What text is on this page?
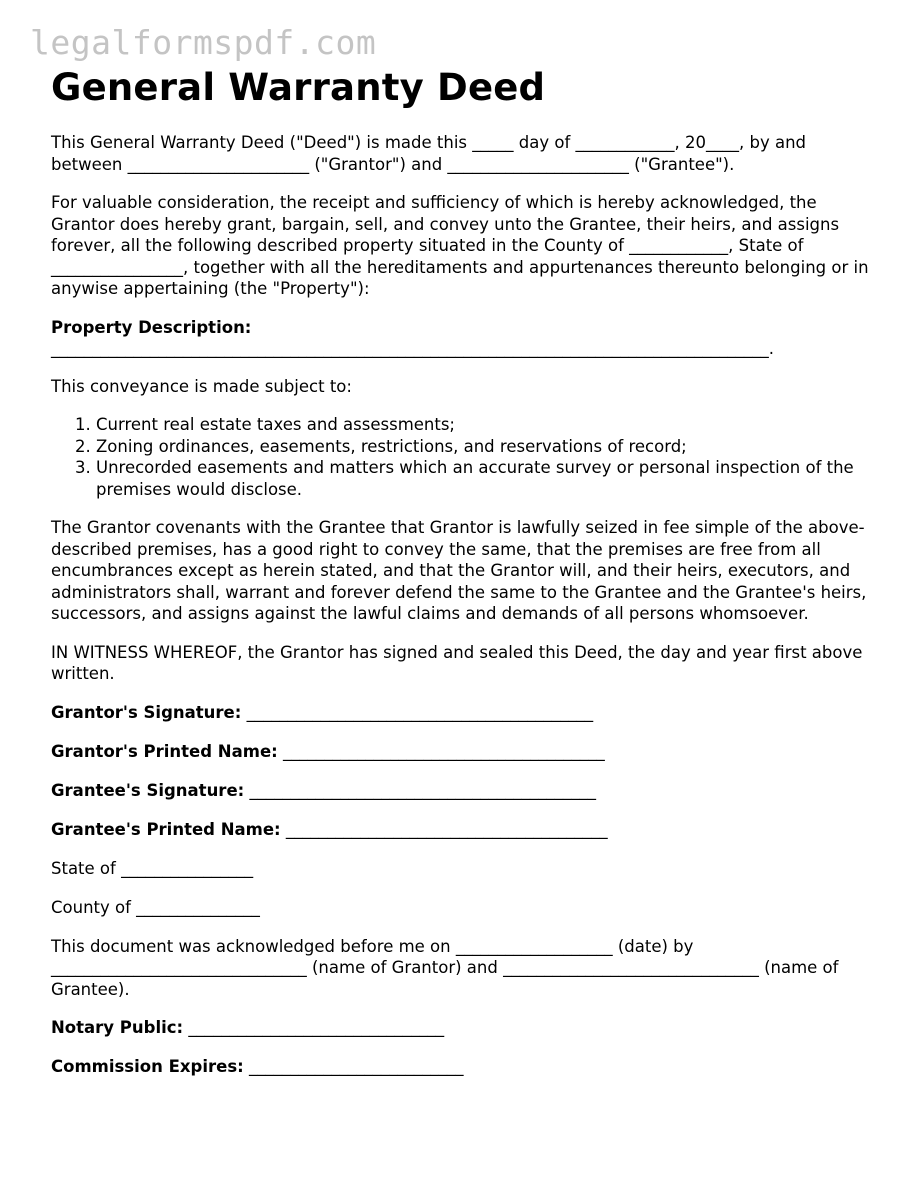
legalformspdf.com
General Warranty Deed

This General Warranty Deed ("Deed") is made this _____ day of ____________, 20____, by and between ______________________ ("Grantor") and ______________________ ("Grantee").

For valuable consideration, the receipt and sufficiency of which is hereby acknowledged, the Grantor does hereby grant, bargain, sell, and convey unto the Grantee, their heirs, and assigns forever, all the following described property situated in the County of ____________, State of ________________, together with all the hereditaments and appurtenances thereunto belonging or in anywise appertaining (the "Property"):

Property Description:
_______________________________________________________________________________________.

This conveyance is made subject to:

1. Current real estate taxes and assessments;
2. Zoning ordinances, easements, restrictions, and reservations of record;
3. Unrecorded easements and matters which an accurate survey or personal inspection of the premises would disclose.

The Grantor covenants with the Grantee that Grantor is lawfully seized in fee simple of the above-described premises, has a good right to convey the same, that the premises are free from all encumbrances except as herein stated, and that the Grantor will, and their heirs, executors, and administrators shall, warrant and forever defend the same to the Grantee and the Grantee's heirs, successors, and assigns against the lawful claims and demands of all persons whomsoever.

IN WITNESS WHEREOF, the Grantor has signed and sealed this Deed, the day and year first above written.

Grantor's Signature: __________________________________________
Grantor's Printed Name: _______________________________________
Grantee's Signature: __________________________________________
Grantee's Printed Name: _______________________________________
State of ________________
County of _______________

This document was acknowledged before me on ___________________ (date) by _______________________________ (name of Grantor) and _______________________________ (name of Grantee).

Notary Public: _______________________________
Commission Expires: __________________________
